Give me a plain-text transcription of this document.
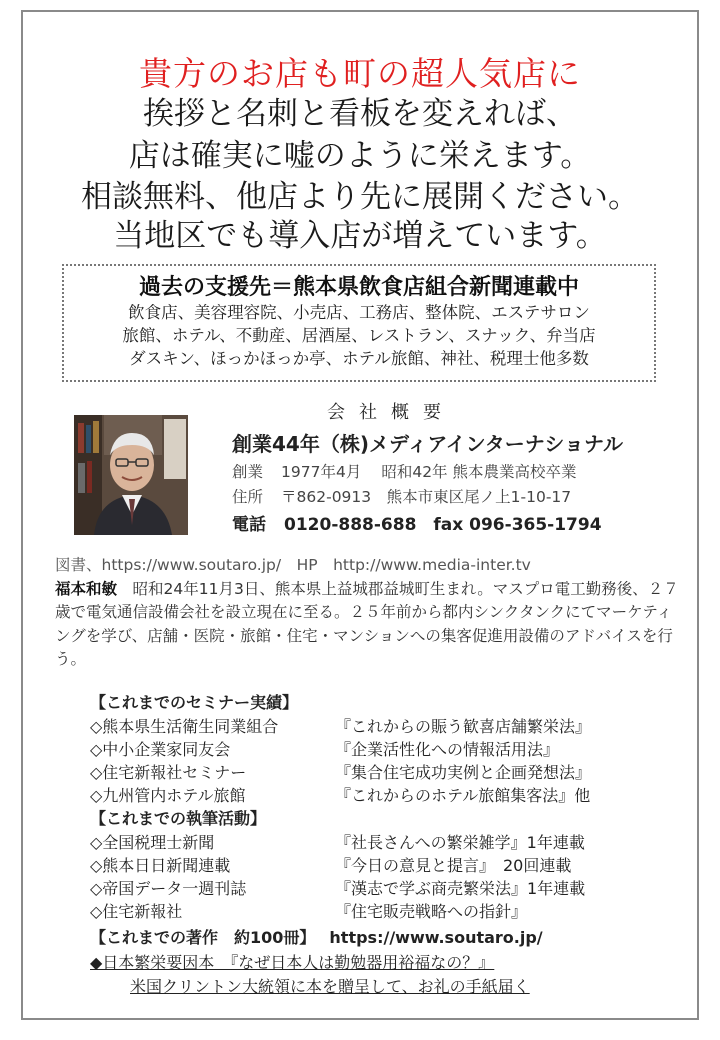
貴方のお店も町の超人気店に
挨拶と名刺と看板を変えれば、
店は確実に嘘のように栄えます。
相談無料、他店より先に展開ください。
当地区でも導入店が増えています。
過去の支援先＝熊本県飲食店組合新聞連載中
飲食店、美容理容院、小売店、工務店、整体院、エステサロン
旅館、ホテル、不動産、居酒屋、レストラン、スナック、弁当店
ダスキン、ほっかほっか亭、ホテル旅館、神社、税理士他多数
会社概要
創業44年（株)メディアインターナショナル
創業 1977年4月 昭和42年 熊本農業高校卒業
住所 〒862-0913　熊本市東区尾ノ上1-10-17
電話 0120-888-688　fax 096-365-1794
図書、https://www.soutaro.jp/　HP　http://www.media-inter.tv
福本和敏　 昭和24年11月3日、熊本県上益城郡益城町生まれ。マスプロ電工勤務後、２７歳で電気通信設備会社を設立現在に至る。２５年前から都内シンクタンクにてマーケティングを学び、店舗・医院・旅館・住宅・マンションへの集客促進用設備のアドバイスを行う。
【これまでのセミナー実績】
◇熊本県生活衛生同業組合	『これからの賑う歓喜店舗繁栄法』
◇中小企業家同友会	『企業活性化への情報活用法』
◇住宅新報社セミナー	『集合住宅成功実例と企画発想法』
◇九州管内ホテル旅館	『これからのホテル旅館集客法』他
【これまでの執筆活動】
◇全国税理士新聞	『社長さんへの繁栄雑学』1年連載
◇熊本日日新聞連載	『今日の意見と提言』　20回連載
◇帝国データ一週刊誌	『漢志で学ぶ商売繁栄法』1年連載
◇住宅新報社	『住宅販売戦略への指針』
【これまでの著作　約100冊】 https://www.soutaro.jp/
◆日本繁栄要因本　『なぜ日本人は勤勉器用裕福なの？』
米国クリントン大統領に本を贈呈して、お礼の手紙届く
